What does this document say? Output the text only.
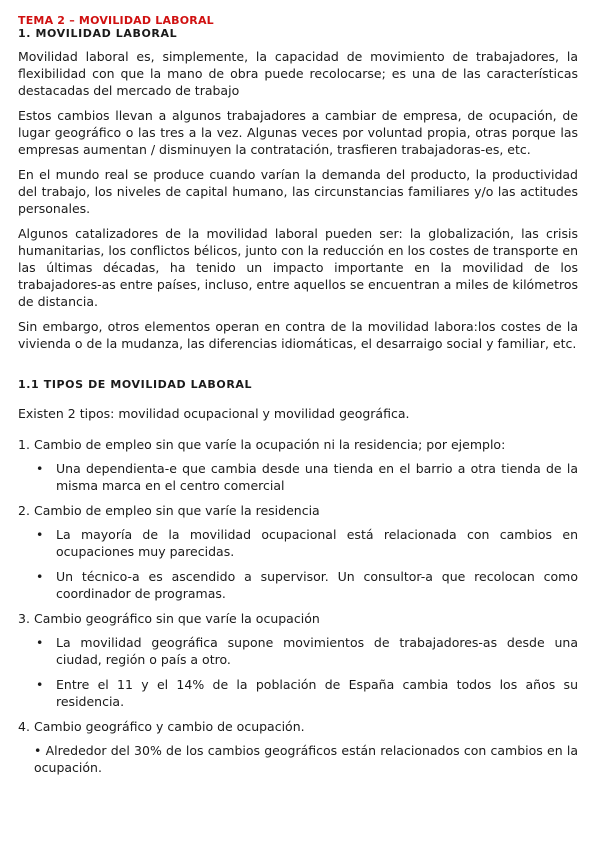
TEMA 2 – MOVILIDAD LABORAL
1. MOVILIDAD LABORAL

Movilidad laboral es, simplemente, la capacidad de movimiento de trabajadores, la flexibilidad con que la mano de obra puede recolocarse; es una de las características destacadas del mercado de trabajo

Estos cambios llevan a algunos trabajadores a cambiar de empresa, de ocupación, de lugar geográfico o las tres a la vez. Algunas veces por voluntad propia, otras porque las empresas aumentan / disminuyen la contratación, trasfieren trabajadoras-es, etc.

En el mundo real se produce cuando varían la demanda del producto, la productividad del trabajo, los niveles de capital humano, las circunstancias familiares y/o las actitudes personales.

Algunos catalizadores de la movilidad laboral pueden ser: la globalización, las crisis humanitarias, los conflictos bélicos, junto con la reducción en los costes de transporte en las últimas décadas, ha tenido un impacto importante en la movilidad de los trabajadores-as entre países, incluso, entre aquellos se encuentran a miles de kilómetros de distancia.

Sin embargo, otros elementos operan en contra de la movilidad labora:los costes de la vivienda o de la mudanza, las diferencias idiomáticas, el desarraigo social y familiar, etc.

1.1 TIPOS DE MOVILIDAD LABORAL

Existen 2 tipos: movilidad ocupacional y movilidad geográfica.

1. Cambio de empleo sin que varíe la ocupación ni la residencia; por ejemplo:
• Una dependienta-e que cambia desde una tienda en el barrio a otra tienda de la misma marca en el centro comercial
2. Cambio de empleo sin que varíe la residencia
• La mayoría de la movilidad ocupacional está relacionada con cambios en ocupaciones muy parecidas.
• Un técnico-a es ascendido a supervisor. Un consultor-a que recolocan como coordinador de programas.
3. Cambio geográfico sin que varíe la ocupación
• La movilidad geográfica supone movimientos de trabajadores-as desde una ciudad, región o país a otro.
• Entre el 11 y el 14% de la población de España cambia todos los años su residencia.
4. Cambio geográfico y cambio de ocupación.
• Alrededor del 30% de los cambios geográficos están relacionados con cambios en la ocupación.
